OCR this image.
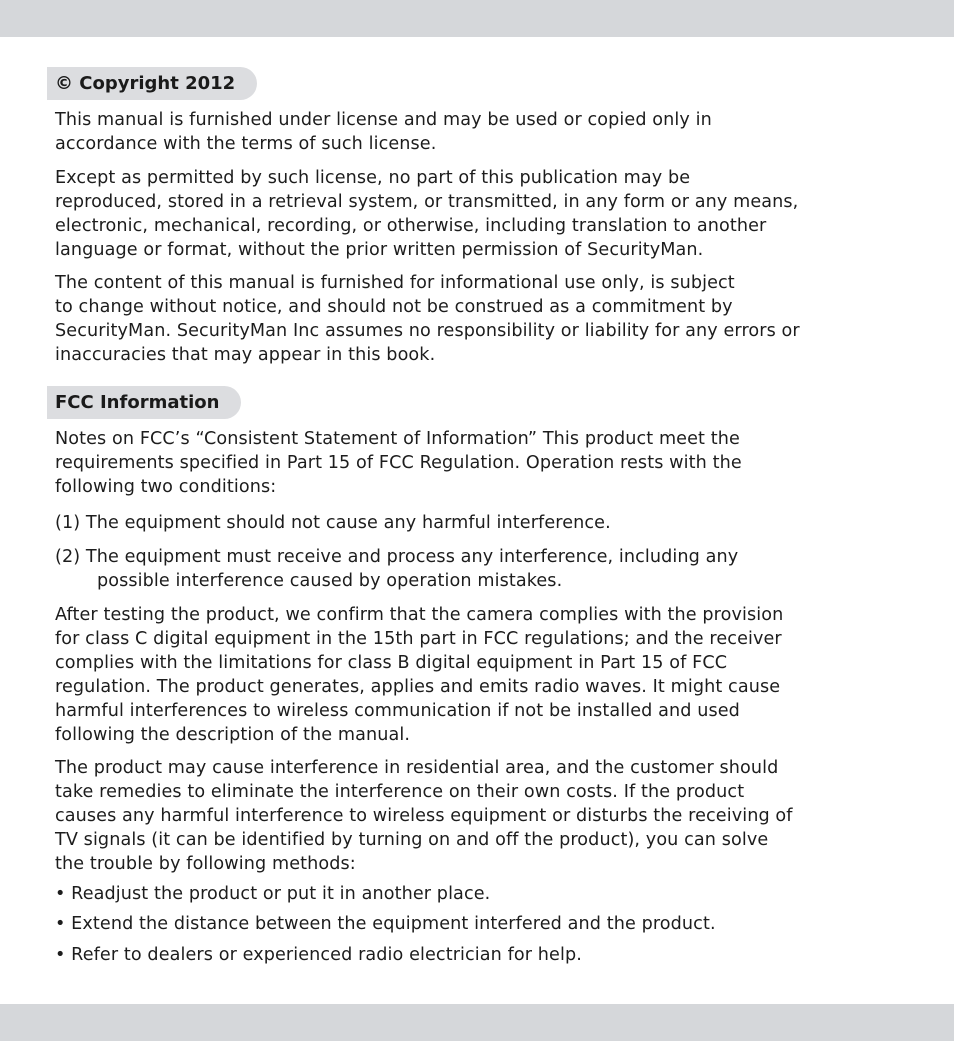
© Copyright 2012

This manual is furnished under license and may be used or copied only in
accordance with the terms of such license.

Except as permitted by such license, no part of this publication may be
reproduced, stored in a retrieval system, or transmitted, in any form or any means,
electronic, mechanical, recording, or otherwise, including translation to another
language or format, without the prior written permission of SecurityMan.

The content of this manual is furnished for informational use only, is subject
to change without notice, and should not be construed as a commitment by
SecurityMan. SecurityMan Inc assumes no responsibility or liability for any errors or
inaccuracies that may appear in this book.

FCC Information

Notes on FCC’s “Consistent Statement of Information” This product meet the
requirements specified in Part 15 of FCC Regulation. Operation rests with the
following two conditions:

(1) The equipment should not cause any harmful interference.

(2) The equipment must receive and process any interference, including any
possible interference caused by operation mistakes.

After testing the product, we confirm that the camera complies with the provision
for class C digital equipment in the 15th part in FCC regulations; and the receiver
complies with the limitations for class B digital equipment in Part 15 of FCC
regulation. The product generates, applies and emits radio waves. It might cause
harmful interferences to wireless communication if not be installed and used
following the description of the manual.

The product may cause interference in residential area, and the customer should
take remedies to eliminate the interference on their own costs. If the product
causes any harmful interference to wireless equipment or disturbs the receiving of
TV signals (it can be identified by turning on and off the product), you can solve
the trouble by following methods:

• Readjust the product or put it in another place.

• Extend the distance between the equipment interfered and the product.

• Refer to dealers or experienced radio electrician for help.
